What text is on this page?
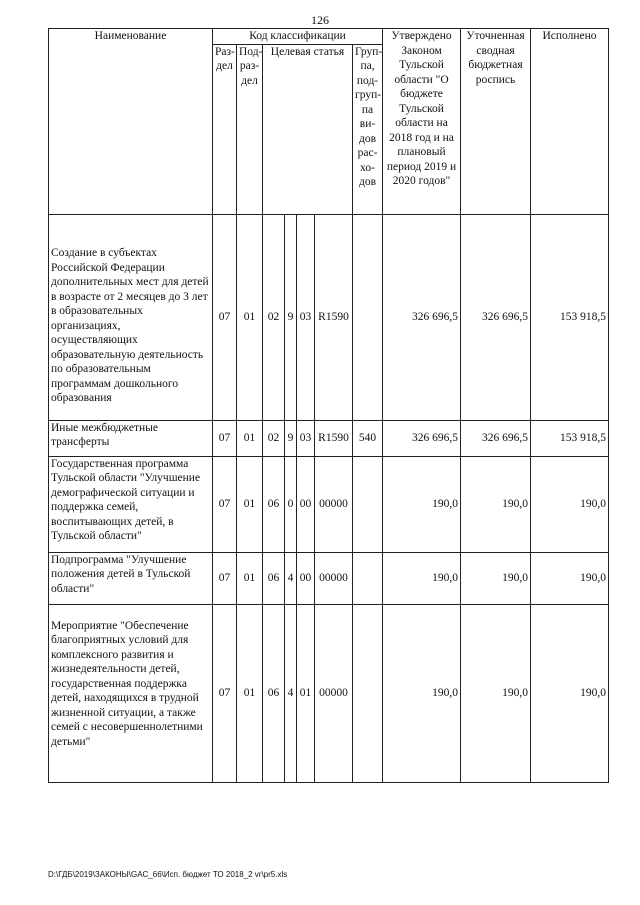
126
Наименование	Код классификации							Утверждено Законом Тульской области "О бюджете Тульской области на 2018 год и на плановый период 2019 и 2020 годов"	Уточненная сводная бюджетная роспись	Исполнено
	Раз-дел	Под-раз-дел	Целевая статья				Груп-па, под-груп-па ви-дов рас-хо-дов			
Создание в субъектах Российской Федерации дополнительных мест для детей в возрасте от 2 месяцев до 3 лет в образовательных организациях, осуществляющих образовательную деятельность по образовательным программам дошкольного образования	07	01	02	9	03	R1590		326 696,5	326 696,5	153 918,5
Иные межбюджетные трансферты	07	01	02	9	03	R1590	540	326 696,5	326 696,5	153 918,5
Государственная программа Тульской области "Улучшение демографической ситуации и поддержка семей, воспитывающих детей, в Тульской области"	07	01	06	0	00	00000		190,0	190,0	190,0
Подпрограмма "Улучшение положения детей в Тульской области"	07	01	06	4	00	00000		190,0	190,0	190,0
Мероприятие "Обеспечение благоприятных условий для комплексного развития и жизнедеятельности детей, государственная поддержка детей, находящихся в трудной жизненной ситуации, а также семей с несовершеннолетними детьми"	07	01	06	4	01	00000		190,0	190,0	190,0
D:\ГДБ\2019\ЗАКОНЫ\GAC_66\Исп. бюджет ТО 2018_2 vr\pr5.xls
